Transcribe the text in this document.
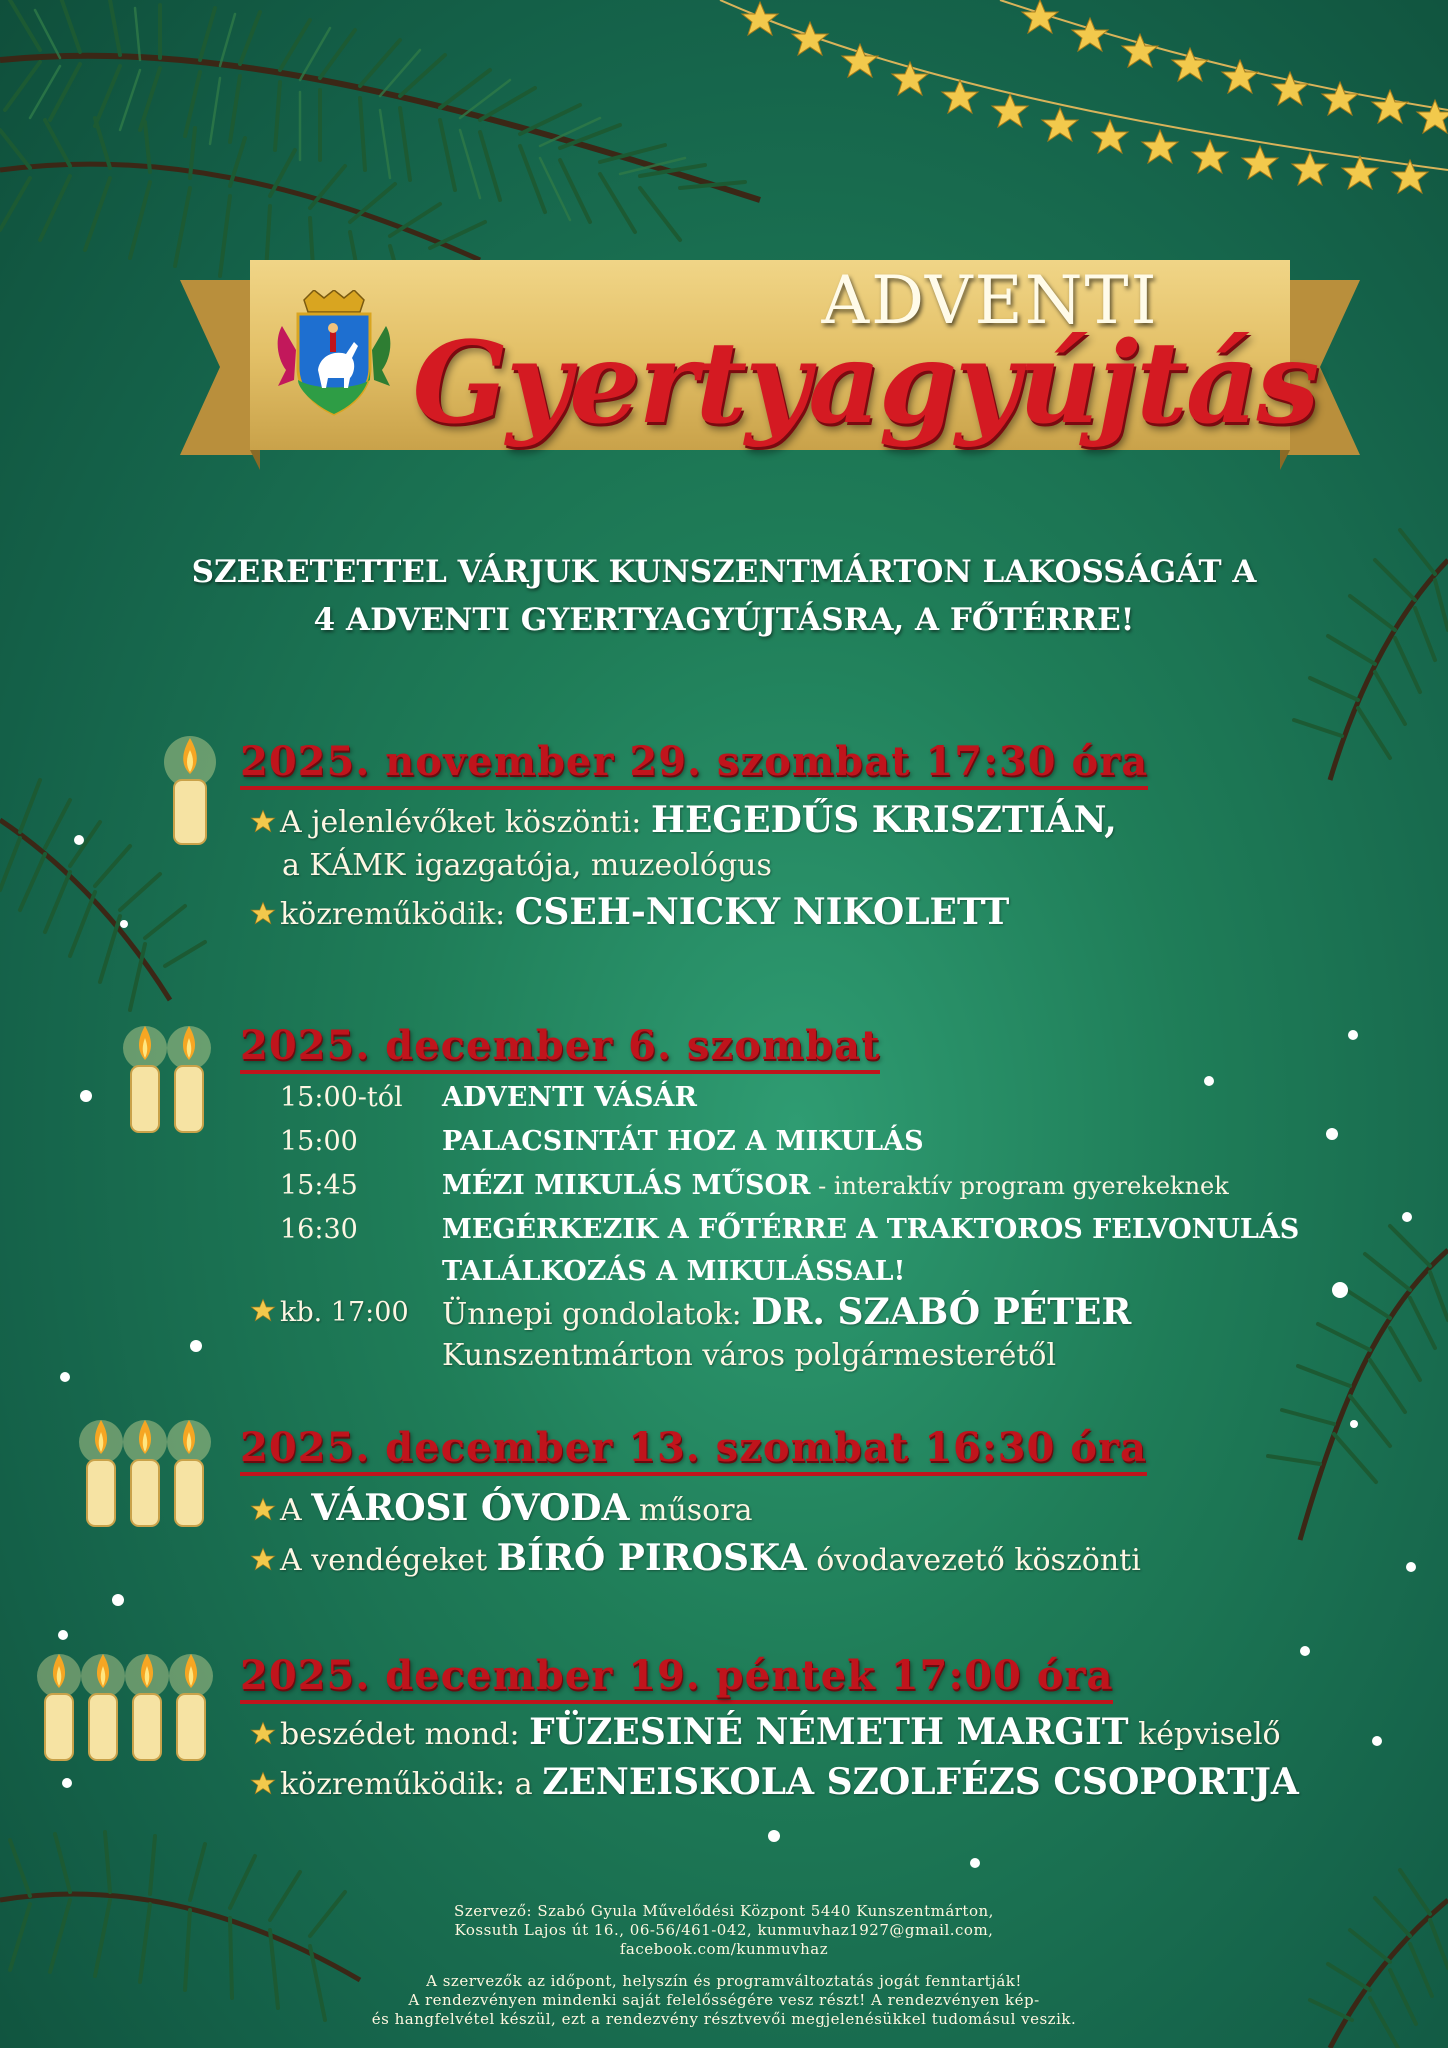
ADVENTI
Gyertyagyújtás
SZERETETTEL VÁRJUK KUNSZENTMÁRTON LAKOSSÁGÁT A
4 ADVENTI GYERTYAGYÚJTÁSRA, A FŐTÉRRE!
2025. november 29. szombat 17:30 óra
A jelenlévőket köszönti: HEGEDŰS KRISZTIÁN,
a KÁMK igazgatója, muzeológus
közreműködik: CSEH-NICKY NIKOLETT
2025. december 6. szombat
15:00-tól ADVENTI VÁSÁR
15:00	PALACSINTÁT HOZ A MIKULÁS
15:45	MÉZI MIKULÁS MŰSOR - interaktív program gyerekeknek
16:30	MEGÉRKEZIK A FŐTÉRRE A TRAKTOROS FELVONULÁS
TALÁLKOZÁS A MIKULÁSSAL!
kb. 17:00 Ünnepi gondolatok: DR. SZABÓ PÉTER
Kunszentmárton város polgármesterétől
2025. december 13. szombat 16:30 óra
A VÁROSI ÓVODA műsora
A vendégeket BÍRÓ PIROSKA óvodavezető köszönti
2025. december 19. péntek 17:00 óra
beszédet mond: FÜZESINÉ NÉMETH MARGIT képviselő
közreműködik: a ZENEISKOLA SZOLFÉZS CSOPORTJA
Szervező: Szabó Gyula Művelődési Központ 5440 Kunszentmárton,
Kossuth Lajos út 16., 06-56/461-042, kunmuvhaz1927@gmail.com,
facebook.com/kunmuvhaz
A szervezők az időpont, helyszín és programváltoztatás jogát fenntartják!
A rendezvényen mindenki saját felelősségére vesz részt! A rendezvényen kép-
és hangfelvétel készül, ezt a rendezvény résztvevői megjelenésükkel tudomásul veszik.
